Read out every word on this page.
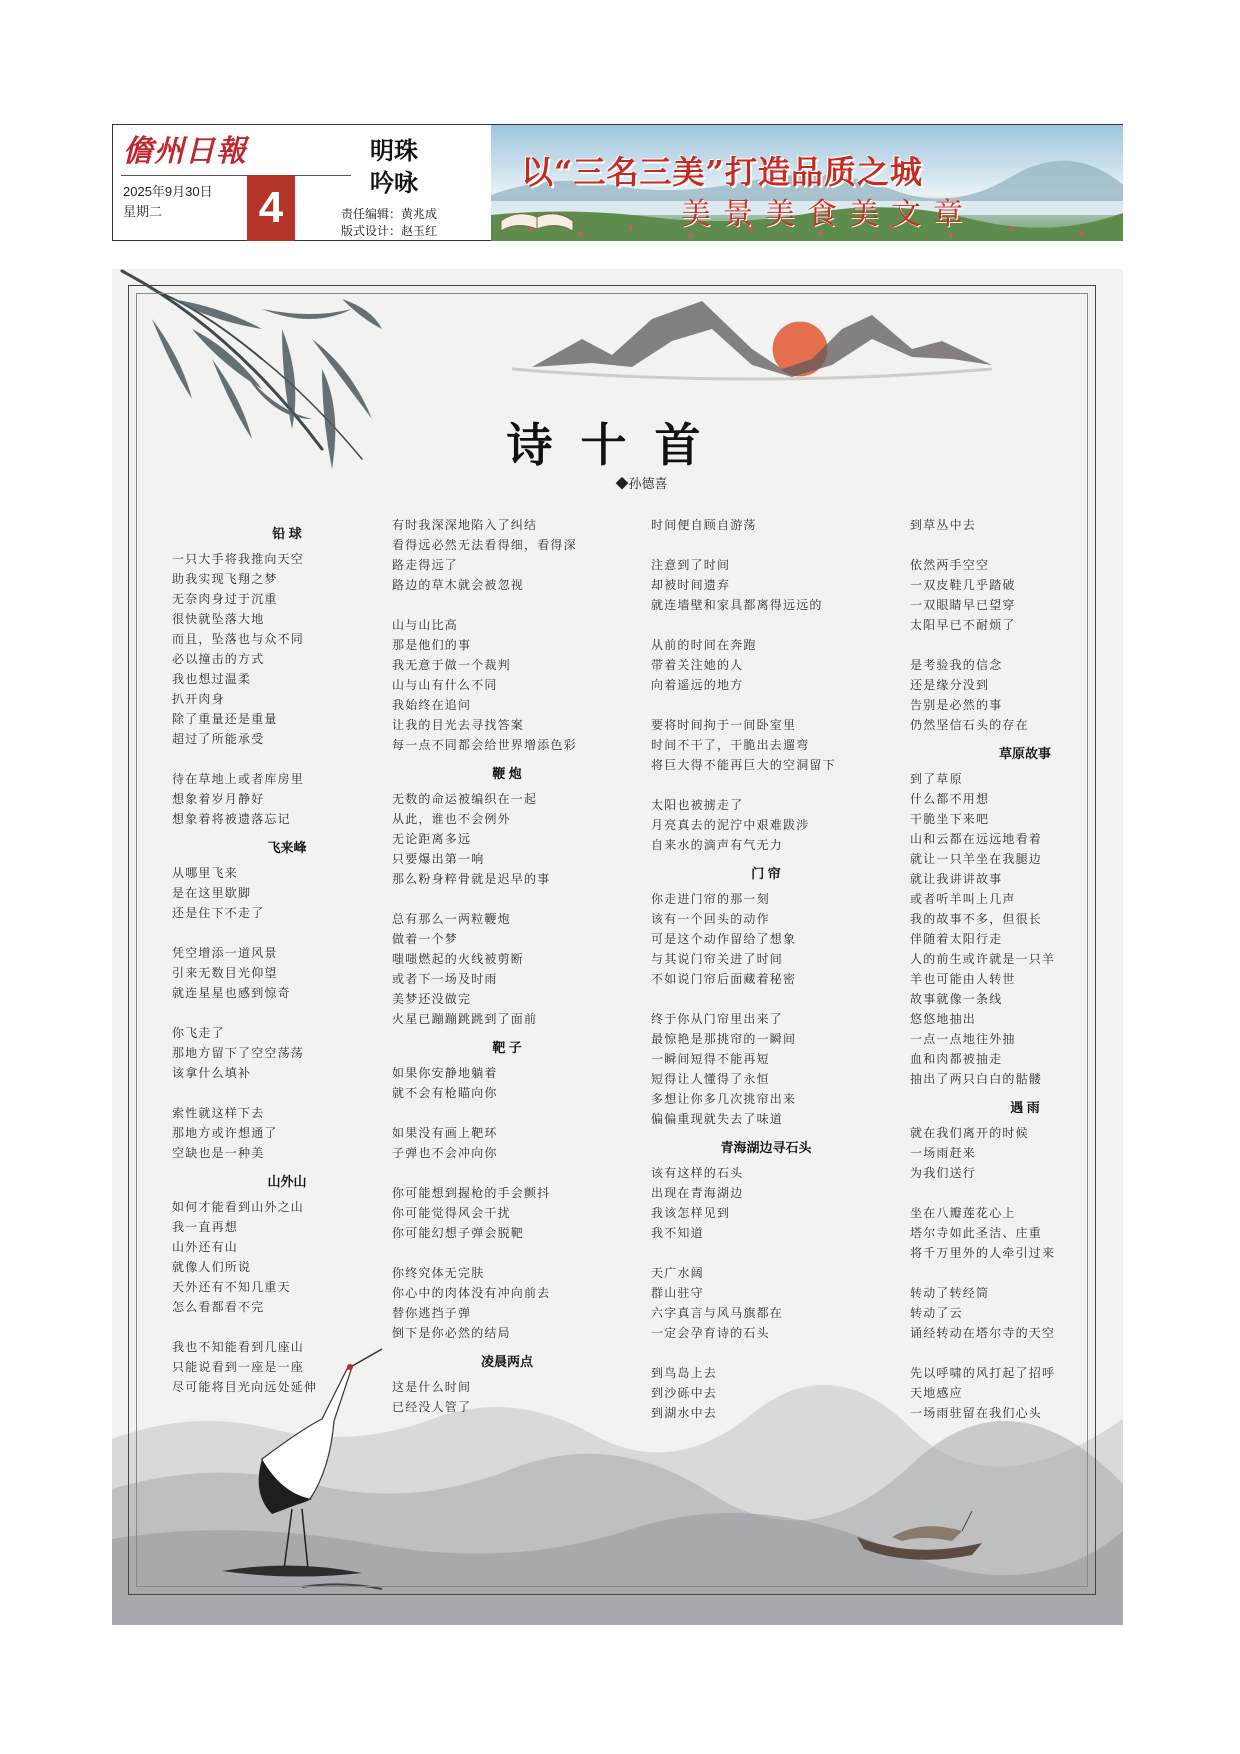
儋州日報
2025年9月30日
星期二 4
明珠
吟咏
责任编辑：黄兆成
版式设计：赵玉红
以“三名三美”打造品质之城
美景美食美文章
诗十首
◆孙德喜
铅 球
一只大手将我推向天空
助我实现飞翔之梦
无奈肉身过于沉重
很快就坠落大地
而且，坠落也与众不同
必以撞击的方式
我也想过温柔
扒开肉身
除了重量还是重量
超过了所能承受
待在草地上或者库房里
想象着岁月静好
想象着将被遗落忘记
飞来峰
从哪里飞来
是在这里歇脚
还是住下不走了
凭空增添一道风景
引来无数目光仰望
就连星星也感到惊奇
你飞走了
那地方留下了空空荡荡
该拿什么填补
索性就这样下去
那地方或许想通了
空缺也是一种美
山外山
如何才能看到山外之山
我一直再想
山外还有山
就像人们所说
天外还有不知几重天
怎么看都看不完
我也不知能看到几座山
只能说看到一座是一座
尽可能将目光向远处延伸
有时我深深地陷入了纠结
看得远必然无法看得细，看得深
路走得远了
路边的草木就会被忽视
山与山比高
那是他们的事
我无意于做一个裁判
山与山有什么不同
我始终在追问
让我的目光去寻找答案
每一点不同都会给世界增添色彩
鞭 炮
无数的命运被编织在一起
从此，谁也不会例外
无论距离多远
只要爆出第一响
那么粉身粹骨就是迟早的事
总有那么一两粒鞭炮
做着一个梦
嗤嗤燃起的火线被剪断
或者下一场及时雨
美梦还没做完
火星已蹦蹦跳跳到了面前
靶 子
如果你安静地躺着
就不会有枪瞄向你
如果没有画上靶环
子弹也不会冲向你
你可能想到握枪的手会颤抖
你可能觉得风会干扰
你可能幻想子弹会脱靶
你终究体无完肤
你心中的肉体没有冲向前去
替你逃挡子弹
倒下是你必然的结局
凌晨两点
这是什么时间
已经没人管了
时间便自顾自游荡
注意到了时间
却被时间遗弃
就连墙壁和家具都离得远远的
从前的时间在奔跑
带着关注她的人
向着遥远的地方
要将时间拘于一间卧室里
时间不干了，干脆出去遛弯
将巨大得不能再巨大的空洞留下
太阳也被掳走了
月亮真去的泥泞中艰难跋涉
自来水的滴声有气无力
门 帘
你走进门帘的那一刻
该有一个回头的动作
可是这个动作留给了想象
与其说门帘关进了时间
不如说门帘后面藏着秘密
终于你从门帘里出来了
最惊艳是那挑帘的一瞬间
一瞬间短得不能再短
短得让人懂得了永恒
多想让你多几次挑帘出来
偏偏重现就失去了味道
青海湖边寻石头
该有这样的石头
出现在青海湖边
我该怎样见到
我不知道
天广水阔
群山驻守
六字真言与风马旗都在
一定会孕育诗的石头
到鸟岛上去
到沙砾中去
到湖水中去
到草丛中去
依然两手空空
一双皮鞋几乎踏破
一双眼睛早已望穿
太阳早已不耐烦了
是考验我的信念
还是缘分没到
告别是必然的事
仍然坚信石头的存在
草原故事
到了草原
什么都不用想
干脆坐下来吧
山和云都在远远地看着
就让一只羊坐在我腿边
就让我讲讲故事
或者听羊叫上几声
我的故事不多，但很长
伴随着太阳行走
人的前生或许就是一只羊
羊也可能由人转世
故事就像一条线
悠悠地抽出
一点一点地往外抽
血和肉都被抽走
抽出了两只白白的骷髅
遇 雨
就在我们离开的时候
一场雨赶来
为我们送行
坐在八瓣莲花心上
塔尔寺如此圣洁、庄重
将千万里外的人牵引过来
转动了转经筒
转动了云
诵经转动在塔尔寺的天空
先以呼啸的风打起了招呼
天地感应
一场雨驻留在我们心头
